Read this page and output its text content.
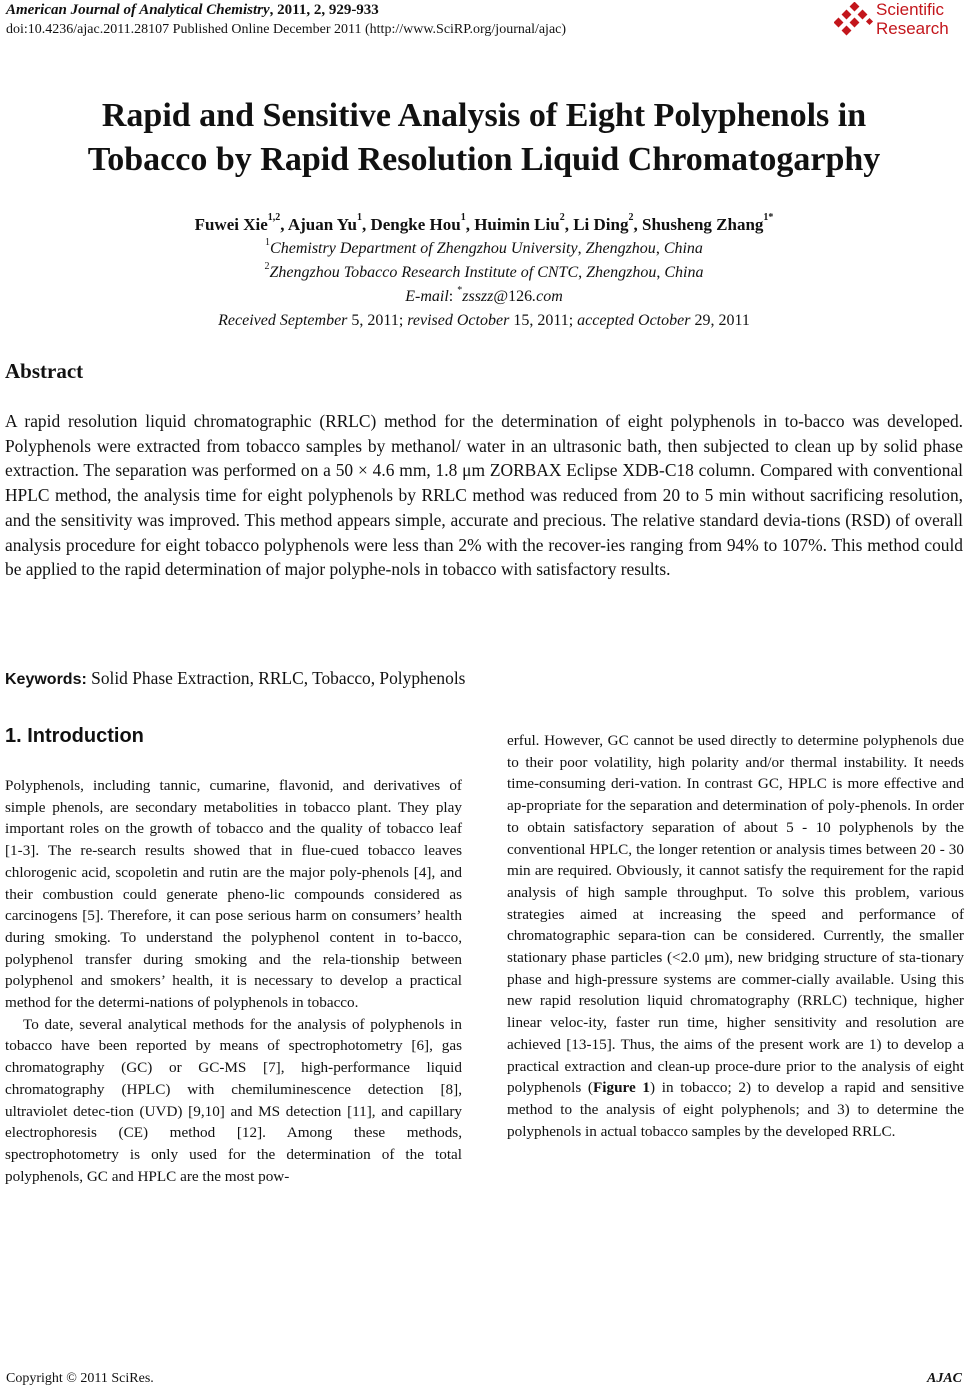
American Journal of Analytical Chemistry, 2011, 2, 929-933
doi:10.4236/ajac.2011.28107 Published Online December 2011 (http://www.SciRP.org/journal/ajac)
Scientific
Research
Rapid and Sensitive Analysis of Eight Polyphenols in
Tobacco by Rapid Resolution Liquid Chromatogarphy
Fuwei Xie$^{1,2}$, Ajuan Yu$^1$, Dengke Hou$^1$, Huimin Liu$^2$, Li Ding$^2$, Shusheng Zhang$^{1*}$
$^1$Chemistry Department of Zhengzhou University, Zhengzhou, China
$^2$Zhengzhou Tobacco Research Institute of CNTC, Zhengzhou, China
E-mail: *zsszz@126.com
Received September 5, 2011; revised October 15, 2011; accepted October 29, 2011
Abstract
A rapid resolution liquid chromatographic (RRLC) method for the determination of eight polyphenols in to-bacco was developed. Polyphenols were extracted from tobacco samples by methanol/ water in an ultrasonic bath, then subjected to clean up by solid phase extraction. The separation was performed on a 50 × 4.6 mm, 1.8 μm ZORBAX Eclipse XDB-C18 column. Compared with conventional HPLC method, the analysis time for eight polyphenols by RRLC method was reduced from 20 to 5 min without sacrificing resolution, and the sensitivity was improved. This method appears simple, accurate and precious. The relative standard devia-tions (RSD) of overall analysis procedure for eight tobacco polyphenols were less than 2% with the recover-ies ranging from 94% to 107%. This method could be applied to the rapid determination of major polyphe-nols in tobacco with satisfactory results.
Keywords: Solid Phase Extraction, RRLC, Tobacco, Polyphenols
1. Introduction

Polyphenols, including tannic, cumarine, flavonid, and derivatives of simple phenols, are secondary metabolities in tobacco plant. They play important roles on the growth of tobacco and the quality of tobacco leaf [1-3]. The re-search results showed that in flue-cued tobacco leaves chlorogenic acid, scopoletin and rutin are the major poly-phenols [4], and their combustion could generate pheno-lic compounds considered as carcinogens [5]. Therefore, it can pose serious harm on consumers’ health during smoking. To understand the polyphenol content in to-bacco, polyphenol transfer during smoking and the rela-tionship between polyphenol and smokers’ health, it is necessary to develop a practical method for the determi-nations of polyphenols in tobacco.

To date, several analytical methods for the analysis of polyphenols in tobacco have been reported by means of spectrophotometry [6], gas chromatography (GC) or GC-MS [7], high-performance liquid chromatography (HPLC) with chemiluminescence detection [8], ultraviolet detec-tion (UVD) [9,10] and MS detection [11], and capillary electrophoresis (CE) method [12]. Among these methods, spectrophotometry is only used for the determination of the total polyphenols, GC and HPLC are the most pow-

erful. However, GC cannot be used directly to determine polyphenols due to their poor volatility, high polarity and/or thermal instability. It needs time-consuming deri-vation. In contrast GC, HPLC is more effective and ap-propriate for the separation and determination of poly-phenols. In order to obtain satisfactory separation of about 5 - 10 polyphenols by the conventional HPLC, the longer retention or analysis times between 20 - 30 min are required. Obviously, it cannot satisfy the requirement for the rapid analysis of high sample throughput. To solve this problem, various strategies aimed at increasing the speed and performance of chromatographic separa-tion can be considered. Currently, the smaller stationary phase particles (<2.0 μm), new bridging structure of sta-tionary phase and high-pressure systems are commer-cially available. Using this new rapid resolution liquid chromatography (RRLC) technique, higher linear veloc-ity, faster run time, higher sensitivity and resolution are achieved [13-15]. Thus, the aims of the present work are 1) to develop a practical extraction and clean-up proce-dure prior to the analysis of eight polyphenols (Figure 1) in tobacco; 2) to develop a rapid and sensitive method to the analysis of eight polyphenols; and 3) to determine the polyphenols in actual tobacco samples by the developed RRLC.

Copyright © 2011 SciRes.	AJAC
